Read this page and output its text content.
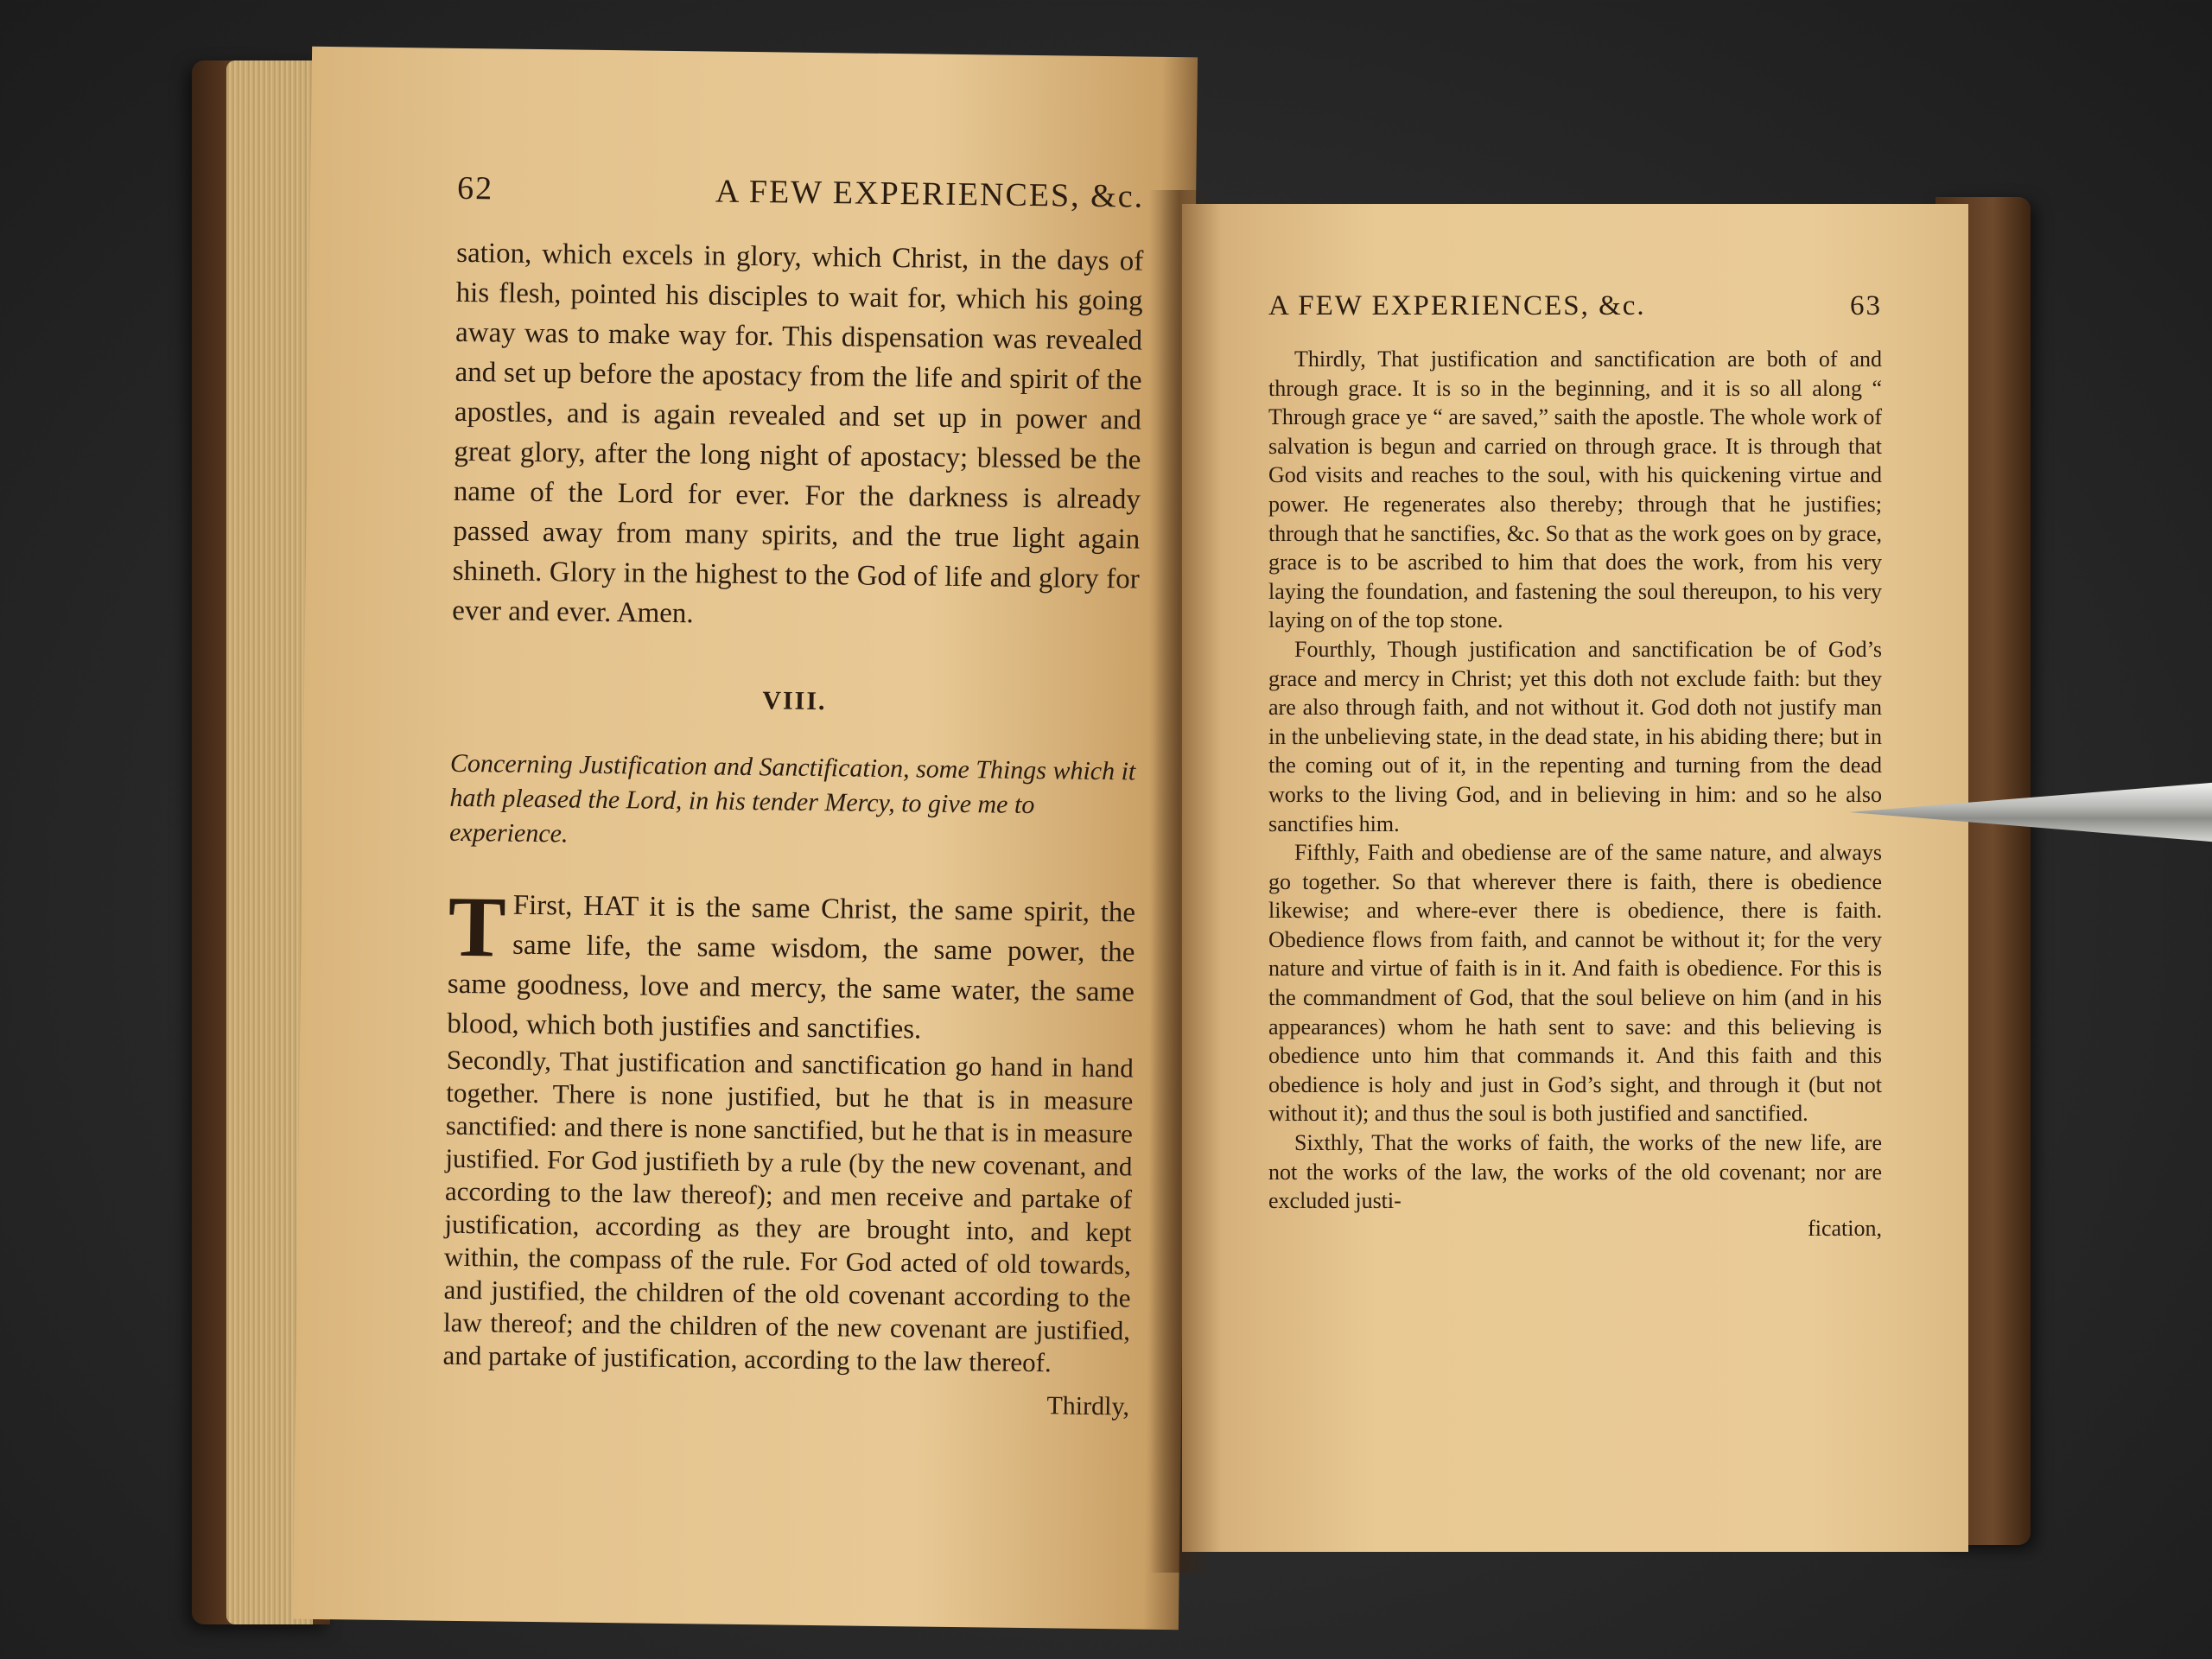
62	A FEW EXPERIENCES, &c.

sation, which excels in glory, which Christ, in the days of his flesh, pointed his disciples to wait for, which his going away was to make way for. This dispensation was revealed and set up before the apostacy from the life and spirit of the apostles, and is again revealed and set up in power and great glory, after the long night of apostacy; blessed be the name of the Lord for ever. For the darkness is already passed away from many spirits, and the true light again shineth. Glory in the highest to the God of life and glory for ever and ever. Amen.

VIII.

Concerning Justification and Sanctification, some Things which it hath pleased the Lord, in his tender Mercy, to give me to experience.

First,
T	HAT it is the same Christ, the same spirit, the same life, the same wisdom, the same power, the same goodness, love and mercy, the same water, the same blood, which both justifies and sanctifies.

Secondly, That justification and sanctification go hand in hand together. There is none justified, but he that is in measure sanctified: and there is none sanctified, but he that is in measure justified. For God justifieth by a rule (by the new covenant, and according to the law thereof); and men receive and partake of justification, according as they are brought into, and kept within, the compass of the rule. For God acted of old towards, and justified, the children of the old covenant according to the law thereof; and the children of the new covenant are justified, and partake of justification, according to the law thereof.

Thirdly,
A FEW EXPERIENCES, &c.	63

Thirdly, That justification and sanctification are both of and through grace. It is so in the beginning, and it is so all along “ Through grace ye “ are saved,” saith the apostle. The whole work of salvation is begun and carried on through grace. It is through that God visits and reaches to the soul, with his quickening virtue and power. He regenerates also thereby; through that he justifies; through that he sanctifies, &c. So that as the work goes on by grace, grace is to be ascribed to him that does the work, from his very laying the foundation, and fastening the soul thereupon, to his very laying on of the top stone.

Fourthly, Though justification and sanctification be of God’s grace and mercy in Christ; yet this doth not exclude faith: but they are also through faith, and not without it. God doth not justify man in the unbelieving state, in the dead state, in his abiding there; but in the coming out of it, in the repenting and turning from the dead works to the living God, and in believing in him: and so he also sanctifies him.

Fifthly, Faith and obediense are of the same nature, and always go together. So that wherever there is faith, there is obedience likewise; and where-ever there is obedience, there is faith. Obedience flows from faith, and cannot be without it; for the very nature and virtue of faith is in it. And faith is obedience. For this is the commandment of God, that the soul believe on him (and in his appearances) whom he hath sent to save: and this believing is obedience unto him that commands it. And this faith and this obedience is holy and just in God’s sight, and through it (but not without it); and thus the soul is both justified and sanctified.

Sixthly, That the works of faith, the works of the new life, are not the works of the law, the works of the old covenant; nor are excluded justi-

fication,
